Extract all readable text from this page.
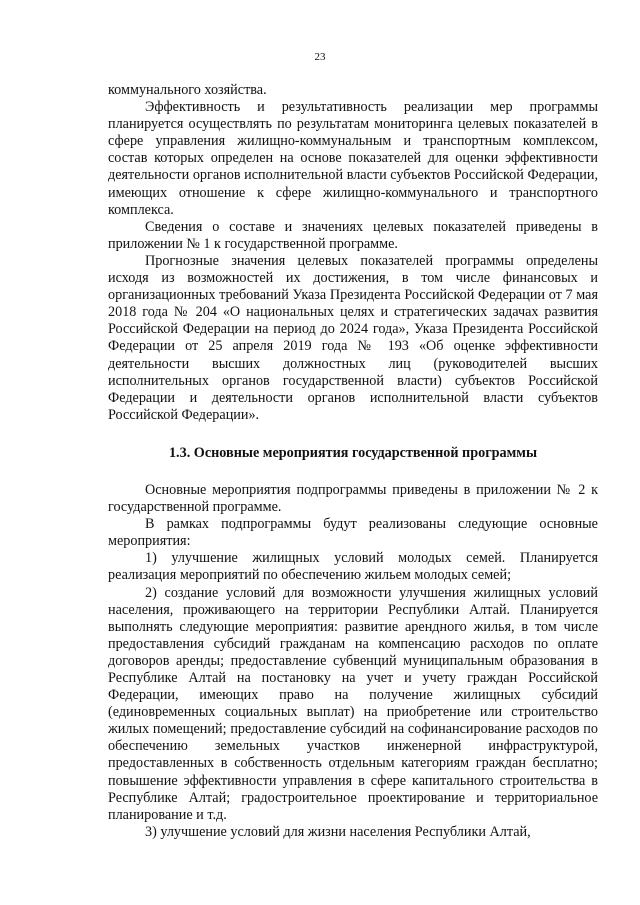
23

коммунального хозяйства.

Эффективность и результативность реализации мер программы планируется осуществлять по результатам мониторинга целевых показателей в сфере управления жилищно-коммунальным и транспортным комплексом, состав которых определен на основе показателей для оценки эффективности деятельности органов исполнительной власти субъектов Российской Федерации, имеющих отношение к сфере жилищно-коммунального и транспортного комплекса.

Сведения о составе и значениях целевых показателей приведены в приложении № 1 к государственной программе.

Прогнозные значения целевых показателей программы определены исходя из возможностей их достижения, в том числе финансовых и организационных требований Указа Президента Российской Федерации от 7 мая 2018 года № 204 «О национальных целях и стратегических задачах развития Российской Федерации на период до 2024 года», Указа Президента Российской Федерации от 25 апреля 2019 года № 193 «Об оценке эффективности деятельности высших должностных лиц (руководителей высших исполнительных органов государственной власти) субъектов Российской Федерации и деятельности органов исполнительной власти субъектов Российской Федерации».

1.3. Основные мероприятия государственной программы

Основные мероприятия подпрограммы приведены в приложении № 2 к государственной программе.

В рамках подпрограммы будут реализованы следующие основные мероприятия:

1) улучшение жилищных условий молодых семей. Планируется реализация мероприятий по обеспечению жильем молодых семей;

2) создание условий для возможности улучшения жилищных условий населения, проживающего на территории Республики Алтай. Планируется выполнять следующие мероприятия: развитие арендного жилья, в том числе предоставления субсидий гражданам на компенсацию расходов по оплате договоров аренды; предоставление субвенций муниципальным образования в Республике Алтай на постановку на учет и учету граждан Российской Федерации, имеющих право на получение жилищных субсидий (единовременных социальных выплат) на приобретение или строительство жилых помещений; предоставление субсидий на софинансирование расходов по обеспечению земельных участков инженерной инфраструктурой, предоставленных в собственность отдельным категориям граждан бесплатно; повышение эффективности управления в сфере капитального строительства в Республике Алтай; градостроительное проектирование и территориальное планирование и т.д.

3) улучшение условий для жизни населения Республики Алтай,
